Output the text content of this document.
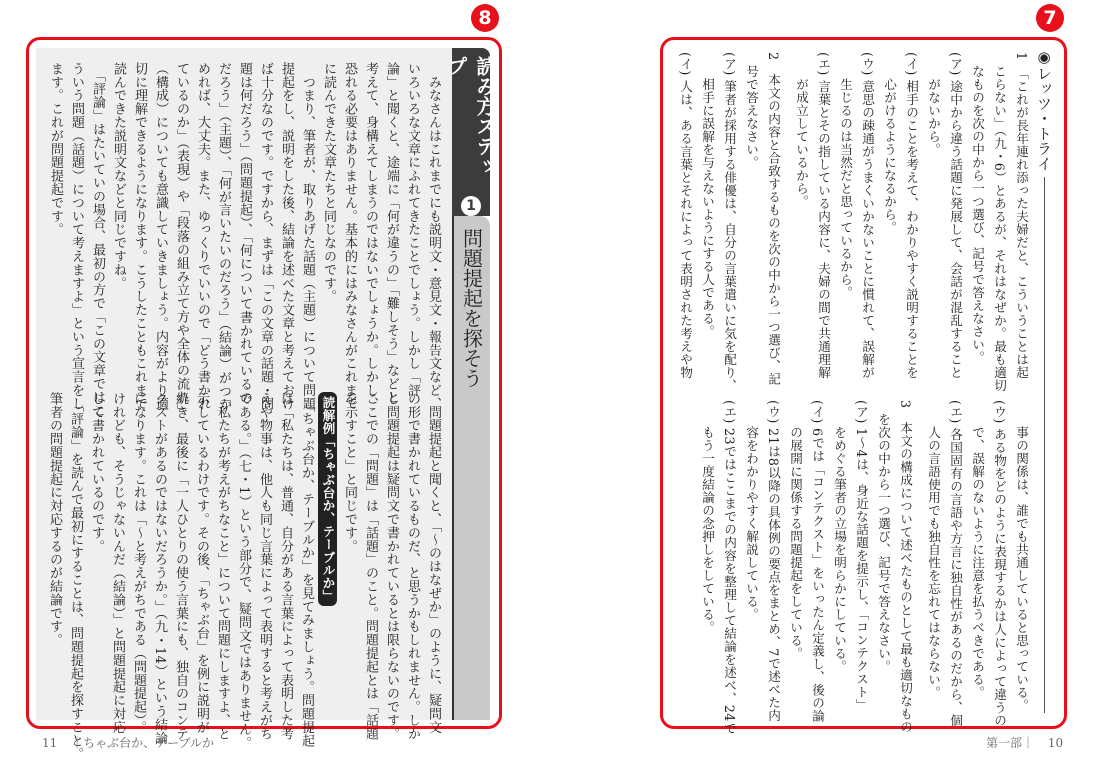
8
読み方ステップ
1
問題提起を探そう
　みなさんはこれまでにも説明文・意見文・報告文など、
いろいろな文章にふれてきたことでしょう。しかし「評
論」と聞くと、途端に「何が違うの」「難しそう」などと
考えて、身構えてしまうのではないでしょうか。しかし、
恐れる必要はありません。基本的にはみなさんがこれまで
に読んできた文章たちと同じなのです。
　つまり、筆者が、取りあげた話題（主題）について問題
提起をし、説明をした後、結論を述べた文章と考えておけ
ば十分なのです。ですから、まずは「この文章の話題・問
題は何だろう」（問題提起）、「何について書かれているの
だろう」（主題）、「何が言いたいのだろう」（結論）がつか
めれば、大丈夫。また、ゆっくりでいいので「どう書かれ
ているのか」（表現）や「段落の組み立て方や全体の流れ」
（構成）についても意識していきましょう。内容がより適
切に理解できるようになります。こうしたこともこれまで
読んできた説明文などと同じですね。
　「評論」はたいていの場合、最初の方で「この文章ではこ
ういう問題（話題）について考えますよ」という宣言をし
ます。これが問題提起です。
　問題提起と聞くと、「～のはなぜか」のように、疑問文
の形で書かれているものだ、と思うかもしれません。しか
し問題提起は疑問文で書かれているとは限らないのです。
ここでの「問題」は「話題」のこと。問題提起とは「話題
を示すこと」と同じです。
読解例「ちゃぶ台か、テーブルか」
　「ちゃぶ台か、テーブルか」を見てみましょう。問題提起
は「私たちは、普通、自分がある言葉によって表明した考
えや物事は、他人も同じ言葉によって表明すると考えがち
である。」（七・1）という部分で、疑問文ではありません。
「私たちが考えがちなこと」について問題にしますよ、と
示しているわけです。その後、「ちゃぶ台」を例に説明が
続き、最後に「一人ひとりの使う言葉にも、独自のコンテ
クストがあるのではないだろうか。」（九・14）という結論
になります。これは「～と考えがちである（問題提起）。
けれども、そうじゃないんだ（結論）」と問題提起に対応
して書かれているのです。
　「評論」を読んで最初にすることは、問題提起を探すこと。
筆者の問題提起に対応するのが結論です。
11 ｜ちゃぶ台か、テーブルか
7
◉レッツ・トライ
1　「これが長年連れ添った夫婦だと、こういうことは起
　こらない」（九・6）とあるが、それはなぜか。最も適切
　なものを次の中から一つ選び、記号で答えなさい。
(ア) 途中から違う話題に発展して、会話が混乱すること
　　がないから。
(イ) 相手のことを考えて、わかりやすく説明することを
　　心がけるようになるから。
(ウ) 意思の疎通がうまくいかないことに慣れて、誤解が
　　生じるのは当然だと思っているから。
(エ) 言葉とその指している内容に、夫婦の間で共通理解
　　が成立しているから。
2　本文の内容と合致するものを次の中から一つ選び、記
　号で答えなさい。
(ア) 筆者が採用する俳優は、自分の言葉遣いに気を配り、
　　相手に誤解を与えないようにする人である。
(イ) 人は、ある言葉とそれによって表明された考えや物
　　事の関係は、誰でも共通していると思っている。
(ウ) ある物をどのように表現するかは人によって違うの
　　で、誤解のないように注意を払うべきである。
(エ) 各国固有の言語や方言に独自性があるのだから、個
　　人の言語使用でも独自性を忘れてはならない。
3　本文の構成について述べたものとして最も適切なもの
　を次の中から一つ選び、記号で答えなさい。
(ア) 1～4は、身近な話題を提示し、「コンテクスト」
　　をめぐる筆者の立場を明らかにしている。
(イ) 6では「コンテクスト」をいったん定義し、後の論
　　の展開に関係する問題提起をしている。
(ウ) 21は8以降の具体例の要点をまとめ、7で述べた内
　　容をわかりやすく解説している。
(エ) 23ではここまでの内容を整理して結論を述べ、24で
　　もう一度結論の念押しをしている。
第一部｜ 10
